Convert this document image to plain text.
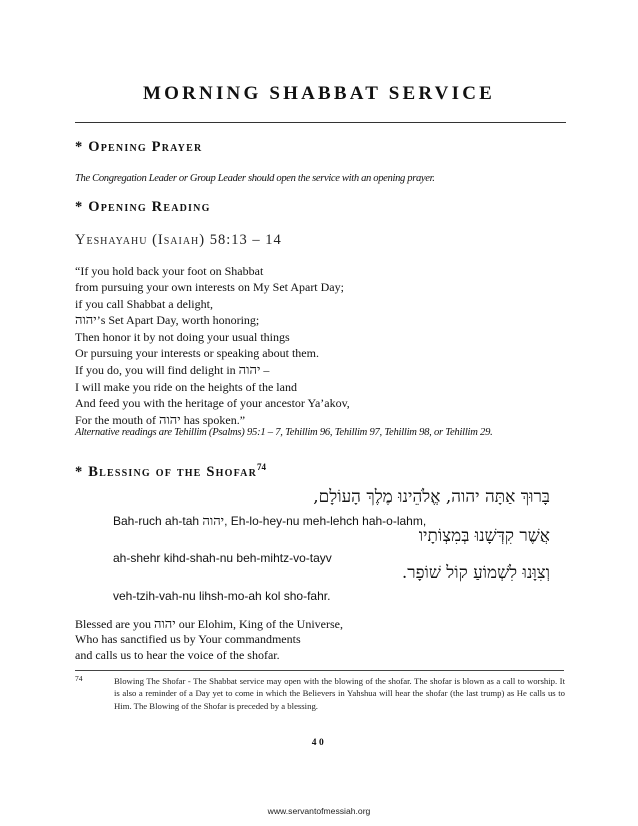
MORNING SHABBAT SERVICE
* Opening Prayer
The Congregation Leader or Group Leader should open the service with an opening prayer.
* Opening Reading
Yeshayahu (Isaiah) 58:13 – 14
“If you hold back your foot on Shabbat
from pursuing your own interests on My Set Apart Day;
if you call Shabbat a delight,
יהוה’s Set Apart Day, worth honoring;
Then honor it by not doing your usual things
Or pursuing your interests or speaking about them.
If you do, you will find delight in יהוה –
I will make you ride on the heights of the land
And feed you with the heritage of your ancestor Ya’akov,
For the mouth of יהוה has spoken.”
Alternative readings are Tehillim (Psalms) 95:1 – 7, Tehillim 96, Tehillim 97, Tehillim 98, or Tehillim 29.
* Blessing of the Shofar$^{74}$
בָּרוּךְ אַתָּה יהוה, אֱלֹהֵינוּ מֶלֶךְ הָעוֹלָם,
Bah-ruch ah-tah יהוה, Eh-lo-hey-nu meh-lehch hah-o-lahm,
אֲשֶׁר קִדְּשָׁנוּ בְּמִצְוֹתָיו
ah-shehr kihd-shah-nu beh-mihtz-vo-tayv
וְצִוָּנוּ לִשְׁמוֹעַ קוֹל שׁוֹפָר.
veh-tzih-vah-nu lihsh-mo-ah kol sho-fahr.
Blessed are you יהוה our Elohim, King of the Universe,
Who has sanctified us by Your commandments
and calls us to hear the voice of the shofar.
74	Blowing The Shofar - The Shabbat service may open with the blowing of the shofar. The shofar is blown as a call to worship. It is also a reminder of a Day yet to come in which the Believers in Yahshua will hear the shofar (the last trump) as He calls us to Him. The Blowing of the Shofar is preceded by a blessing.
40
www.servantofmessiah.org
